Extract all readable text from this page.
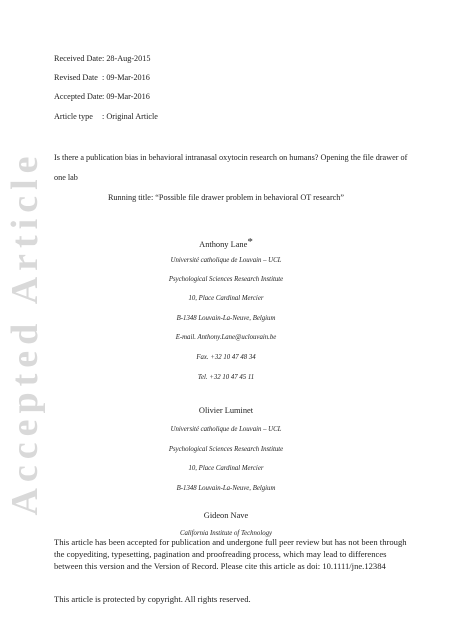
Accepted Article
Received Date: 28-Aug-2015
Revised Date : 09-Mar-2016
Accepted Date: 09-Mar-2016
Article type : Original Article
Is there a publication bias in behavioral intranasal oxytocin research on humans? Opening the file drawer of one lab
Running title: “Possible file drawer problem in behavioral OT research”
Anthony Lane*
Université catholique de Louvain – UCL
Psychological Sciences Research Institute
10, Place Cardinal Mercier
B-1348 Louvain-La-Neuve, Belgium
E-mail. Anthony.Lane@uclouvain.be
Fax. +32 10 47 48 34
Tel. +32 10 47 45 11
Olivier Luminet
Université catholique de Louvain – UCL
Psychological Sciences Research Institute
10, Place Cardinal Mercier
B-1348 Louvain-La-Neuve, Belgium
Gideon Nave
California Institute of Technology
This article has been accepted for publication and undergone full peer review but has not been through the copyediting, typesetting, pagination and proofreading process, which may lead to differences between this version and the Version of Record. Please cite this article as doi: 10.1111/jne.12384
This article is protected by copyright. All rights reserved.
